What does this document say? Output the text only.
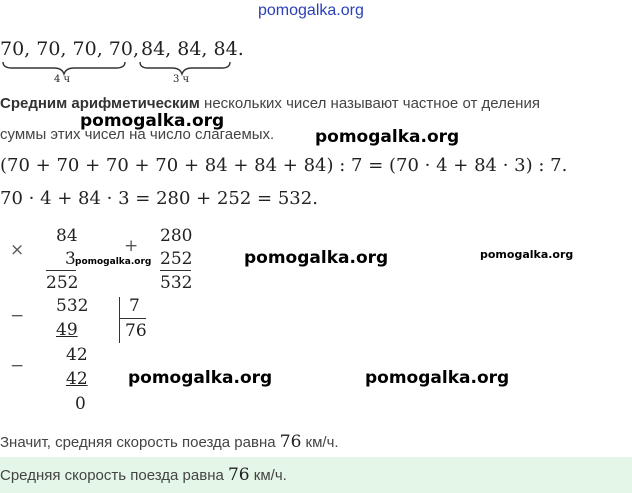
pomogalka.org
70, 70, 70, 70, 84, 84, 84.
4 ч	3 ч
Средним арифметическим нескольких чисел называют частное от деления
суммы этих чисел на число слагаемых.
(70 + 70 + 70 + 70 + 84 + 84 + 84) : 7 = (70 · 4 + 84 · 3) : 7.
70 · 4 + 84 · 3 = 280 + 252 = 532.
×
84
3
252
+ 280
252
532
− 532
49
7
76
−
42
42
0
Значит, средняя скорость поезда равна 76 км/ч.
Средняя скорость поезда равна 76 км/ч.
pomogalka.org
pomogalka.org
pomogalka.org	pomogalka.org	pomogalka.org
pomogalka.org	pomogalka.org
